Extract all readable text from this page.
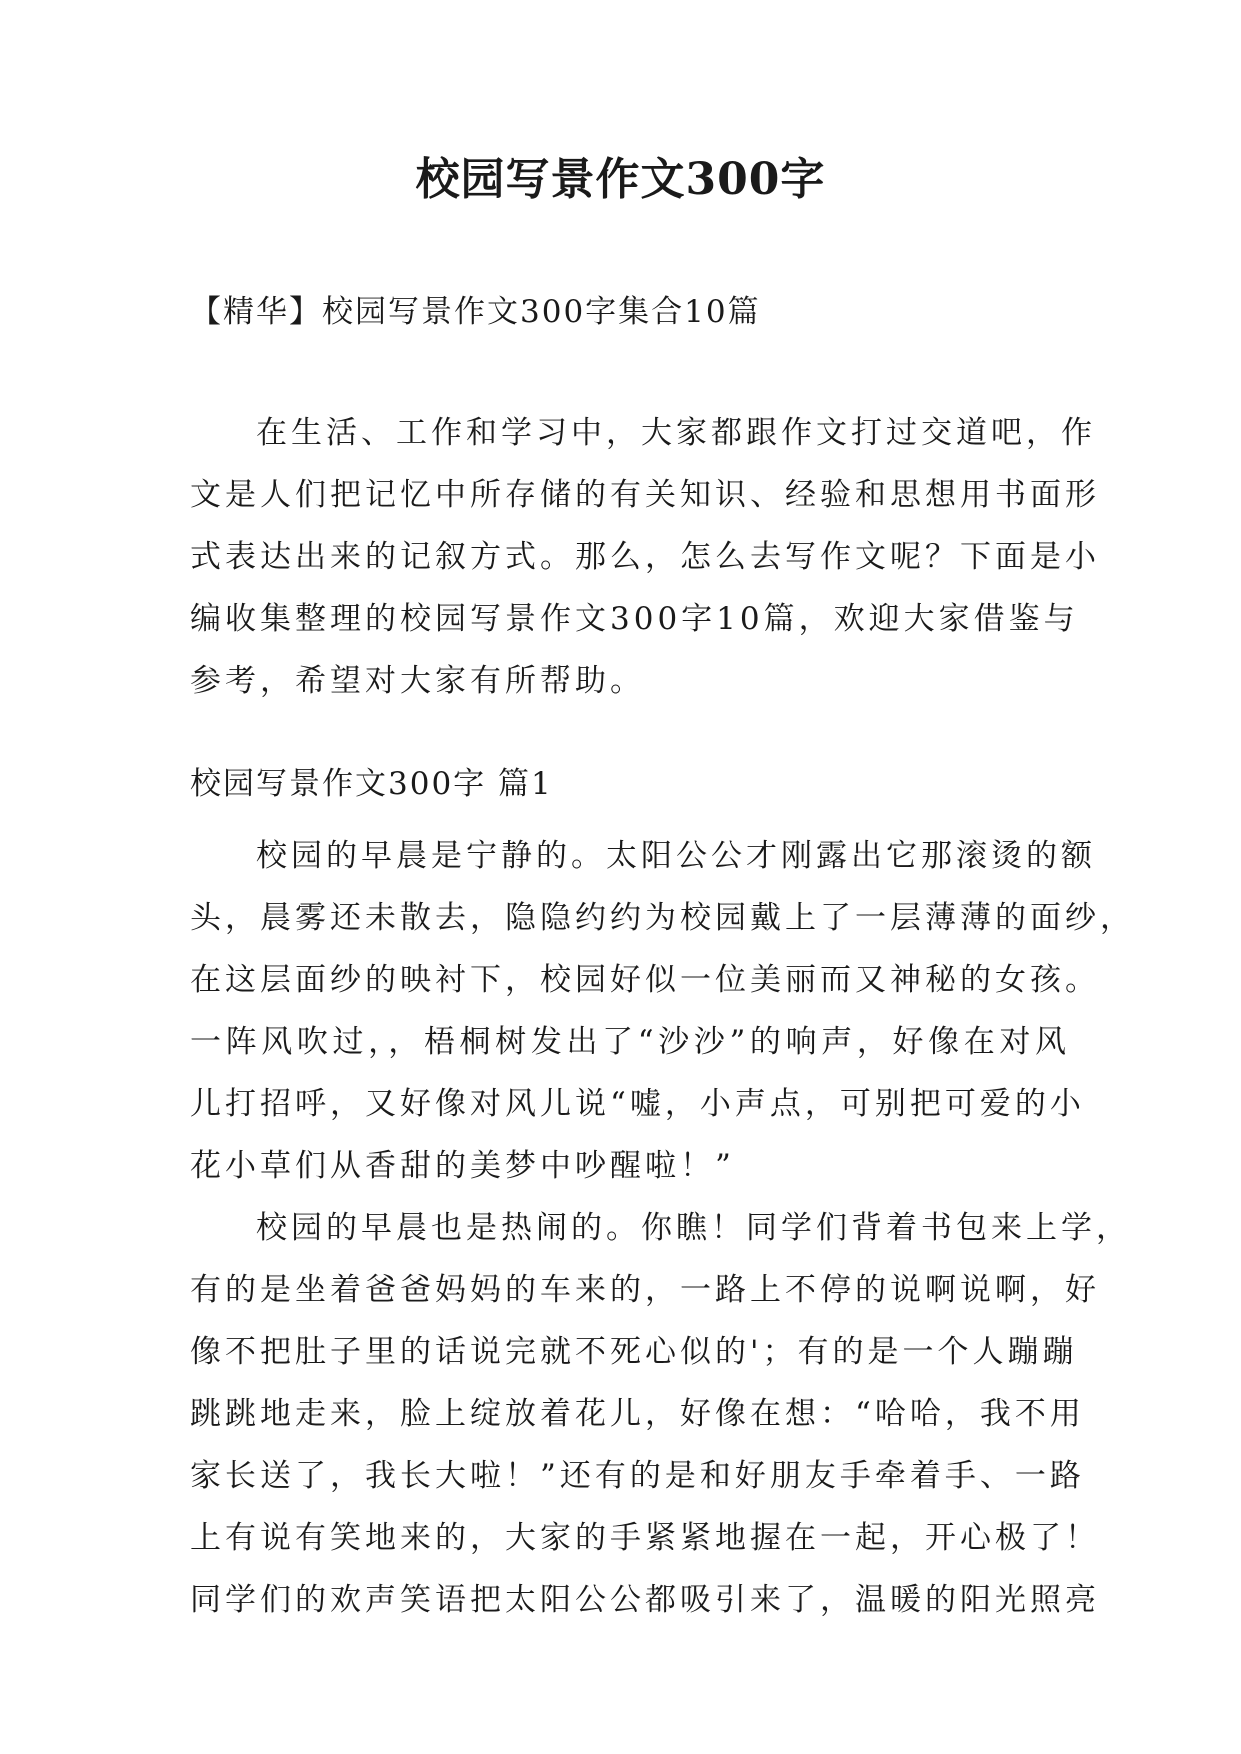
校园写景作文300字
【精华】校园写景作文300字集合10篇
在生活、工作和学习中，大家都跟作文打过交道吧，作
文是人们把记忆中所存储的有关知识、经验和思想用书面形
式表达出来的记叙方式。那么，怎么去写作文呢？下面是小
编收集整理的校园写景作文300字10篇，欢迎大家借鉴与
参考，希望对大家有所帮助。
校园写景作文300字 篇1
校园的早晨是宁静的。太阳公公才刚露出它那滚烫的额
头，晨雾还未散去，隐隐约约为校园戴上了一层薄薄的面纱，
在这层面纱的映衬下，校园好似一位美丽而又神秘的女孩。
一阵风吹过，，梧桐树发出了“沙沙”的响声，好像在对风
儿打招呼，又好像对风儿说“嘘，小声点，可别把可爱的小
花小草们从香甜的美梦中吵醒啦！”
校园的早晨也是热闹的。你瞧！同学们背着书包来上学，
有的是坐着爸爸妈妈的车来的，一路上不停的说啊说啊，好
像不把肚子里的话说完就不死心似的'；有的是一个人蹦蹦
跳跳地走来，脸上绽放着花儿，好像在想：“哈哈，我不用
家长送了，我长大啦！”还有的是和好朋友手牵着手、一路
上有说有笑地来的，大家的手紧紧地握在一起，开心极了！
同学们的欢声笑语把太阳公公都吸引来了，温暖的阳光照亮
